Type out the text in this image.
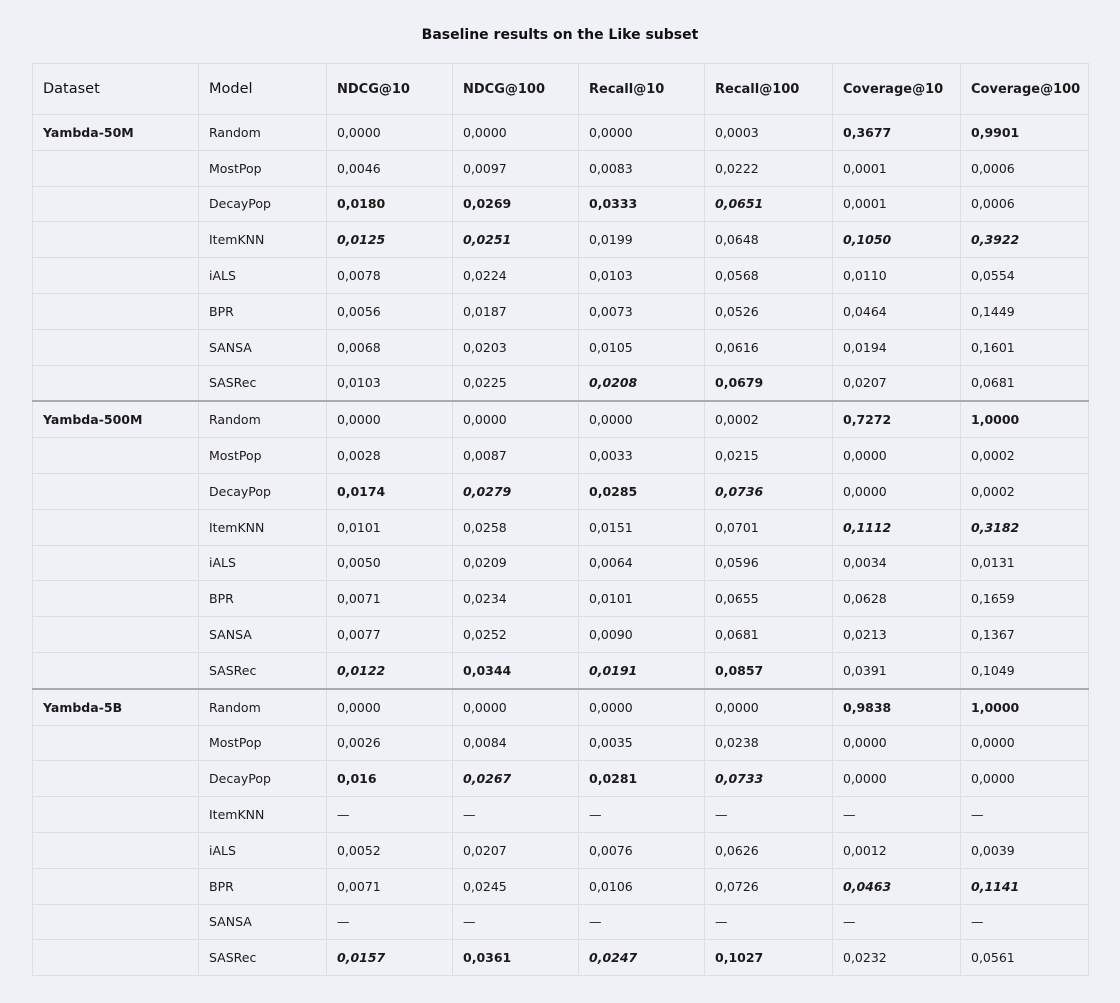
Baseline results on the Like subset
Dataset	Model	NDCG@10	NDCG@100	Recall@10	Recall@100	Coverage@10	Coverage@100
Yambda-50M	Random	0,0000	0,0000	0,0000	0,0003	0,3677	0,9901
	MostPop	0,0046	0,0097	0,0083	0,0222	0,0001	0,0006
	DecayPop	0,0180	0,0269	0,0333	0,0651	0,0001	0,0006
	ItemKNN	0,0125	0,0251	0,0199	0,0648	0,1050	0,3922
	iALS	0,0078	0,0224	0,0103	0,0568	0,0110	0,0554
	BPR	0,0056	0,0187	0,0073	0,0526	0,0464	0,1449
	SANSA	0,0068	0,0203	0,0105	0,0616	0,0194	0,1601
	SASRec	0,0103	0,0225	0,0208	0,0679	0,0207	0,0681
Yambda-500M	Random	0,0000	0,0000	0,0000	0,0002	0,7272	1,0000
	MostPop	0,0028	0,0087	0,0033	0,0215	0,0000	0,0002
	DecayPop	0,0174	0,0279	0,0285	0,0736	0,0000	0,0002
	ItemKNN	0,0101	0,0258	0,0151	0,0701	0,1112	0,3182
	iALS	0,0050	0,0209	0,0064	0,0596	0,0034	0,0131
	BPR	0,0071	0,0234	0,0101	0,0655	0,0628	0,1659
	SANSA	0,0077	0,0252	0,0090	0,0681	0,0213	0,1367
	SASRec	0,0122	0,0344	0,0191	0,0857	0,0391	0,1049
Yambda-5B	Random	0,0000	0,0000	0,0000	0,0000	0,9838	1,0000
	MostPop	0,0026	0,0084	0,0035	0,0238	0,0000	0,0000
	DecayPop	0,016	0,0267	0,0281	0,0733	0,0000	0,0000
	ItemKNN	—	—	—	—	—	—
	iALS	0,0052	0,0207	0,0076	0,0626	0,0012	0,0039
	BPR	0,0071	0,0245	0,0106	0,0726	0,0463	0,1141
	SANSA	—	—	—	—	—	—
	SASRec	0,0157	0,0361	0,0247	0,1027	0,0232	0,0561
